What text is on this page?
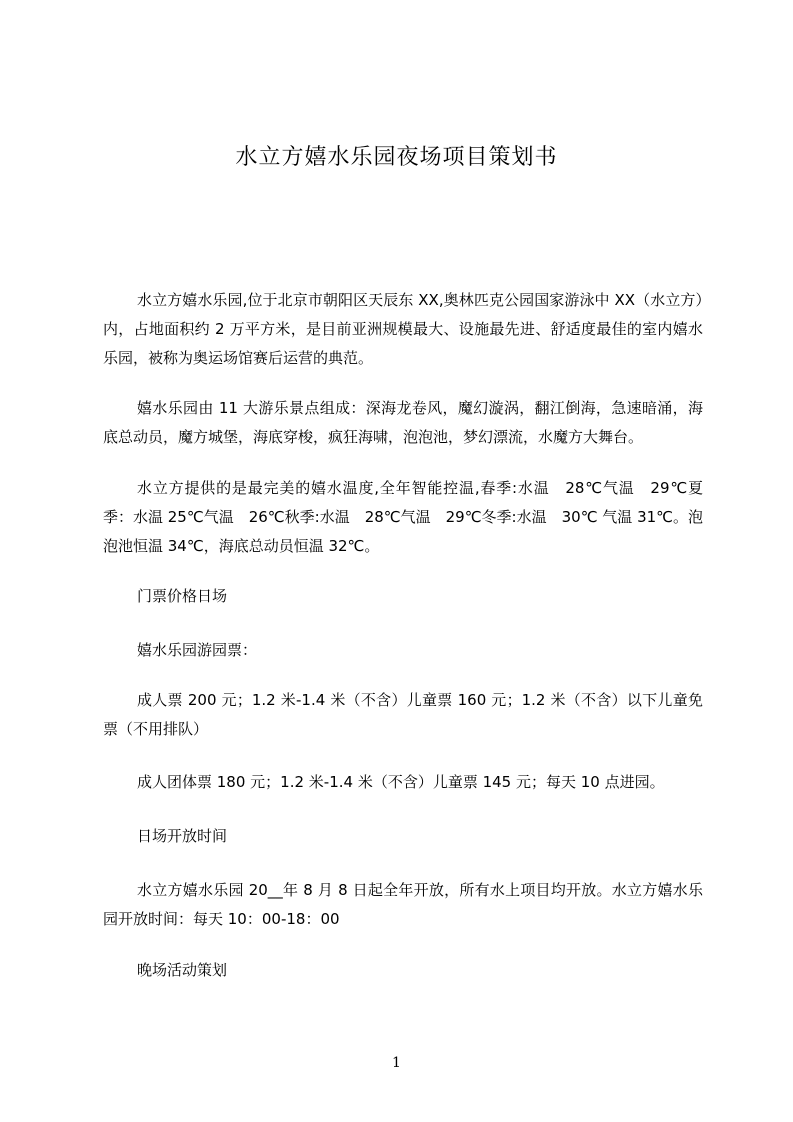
水立方嬉水乐园夜场项目策划书

水立方嬉水乐园,位于北京市朝阳区天辰东 XX,奥林匹克公园国家游泳中 XX（水立方）内，占地面积约 2 万平方米，是目前亚洲规模最大、设施最先进、舒适度最佳的室内嬉水乐园，被称为奥运场馆赛后运营的典范。

嬉水乐园由 11 大游乐景点组成：深海龙卷风，魔幻漩涡，翻江倒海，急速暗涌，海底总动员，魔方城堡，海底穿梭，疯狂海啸，泡泡池，梦幻漂流，水魔方大舞台。

水立方提供的是最完美的嬉水温度,全年智能控温,春季:水温　28℃气温　29℃夏季：水温 25℃气温　26℃秋季:水温　28℃气温　29℃冬季:水温　30℃ 气温 31℃。泡泡池恒温 34℃，海底总动员恒温 32℃。

门票价格日场

嬉水乐园游园票：

成人票 200 元；1.2 米-1.4 米（不含）儿童票 160 元；1.2 米（不含）以下儿童免票（不用排队）

成人团体票 180 元；1.2 米-1.4 米（不含）儿童票 145 元；每天 10 点进园。

日场开放时间

水立方嬉水乐园 20__年 8 月 8 日起全年开放，所有水上项目均开放。水立方嬉水乐园开放时间：每天 10：00-18：00

晚场活动策划

1
